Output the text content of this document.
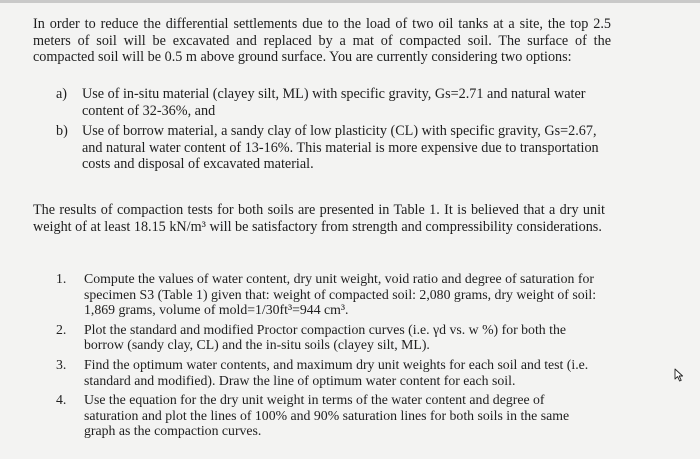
In order to reduce the differential settlements due to the load of two oil tanks at a site, the top 2.5 meters of soil will be excavated and replaced by a mat of compacted soil. The surface of the compacted soil will be 0.5 m above ground surface. You are currently considering two options:

a) Use of in-situ material (clayey silt, ML) with specific gravity, Gs=2.71 and natural water content of 32-36%, and
b) Use of borrow material, a sandy clay of low plasticity (CL) with specific gravity, Gs=2.67, and natural water content of 13-16%. This material is more expensive due to transportation costs and disposal of excavated material.

The results of compaction tests for both soils are presented in Table 1. It is believed that a dry unit weight of at least 18.15 kN/m³ will be satisfactory from strength and compressibility considerations.

1. Compute the values of water content, dry unit weight, void ratio and degree of saturation for specimen S3 (Table 1) given that: weight of compacted soil: 2,080 grams, dry weight of soil: 1,869 grams, volume of mold=1/30ft³=944 cm³.
2. Plot the standard and modified Proctor compaction curves (i.e. γd vs. w %) for both the borrow (sandy clay, CL) and the in-situ soils (clayey silt, ML).
3. Find the optimum water contents, and maximum dry unit weights for each soil and test (i.e. standard and modified). Draw the line of optimum water content for each soil.
4. Use the equation for the dry unit weight in terms of the water content and degree of saturation and plot the lines of 100% and 90% saturation lines for both soils in the same graph as the compaction curves.
